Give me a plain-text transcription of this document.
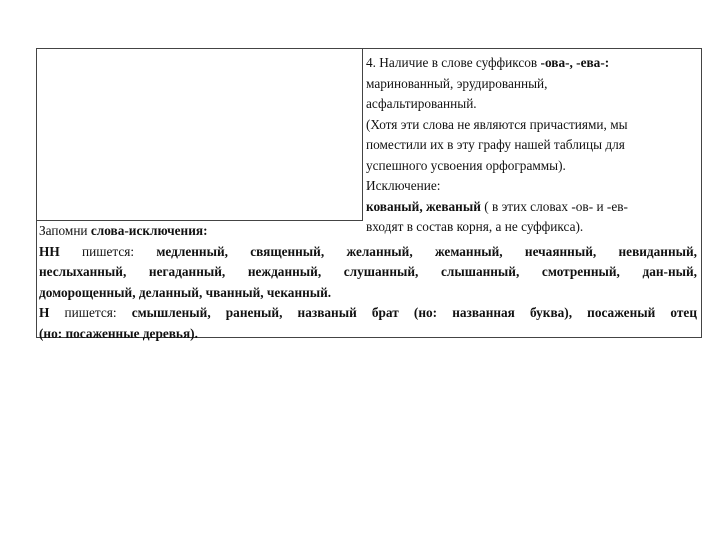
4. Наличие в слове суффиксов -ова-, -ева-:
маринованный, эрудированный,
асфальтированный.
(Хотя эти слова не являются причастиями, мы
поместили их в эту графу нашей таблицы для
успешного усвоения орфограммы).
Исключение:
кованый, жеваный ( в этих словах -ов- и -ев-
входят в состав корня, а не суффикса).
Запомни слова-исключения:
НН пишется: медленный, священный, желанный, жеманный, нечаянный, невиданный,
неслыханный, негаданный, нежданный, слушанный, слышанный, смотренный, дан-ный,
доморощенный, деланный, чванный, чеканный.
Н пишется: смышленый, раненый, названый брат (но: названная буква), посаженый отец
(но: посаженные деревья).
